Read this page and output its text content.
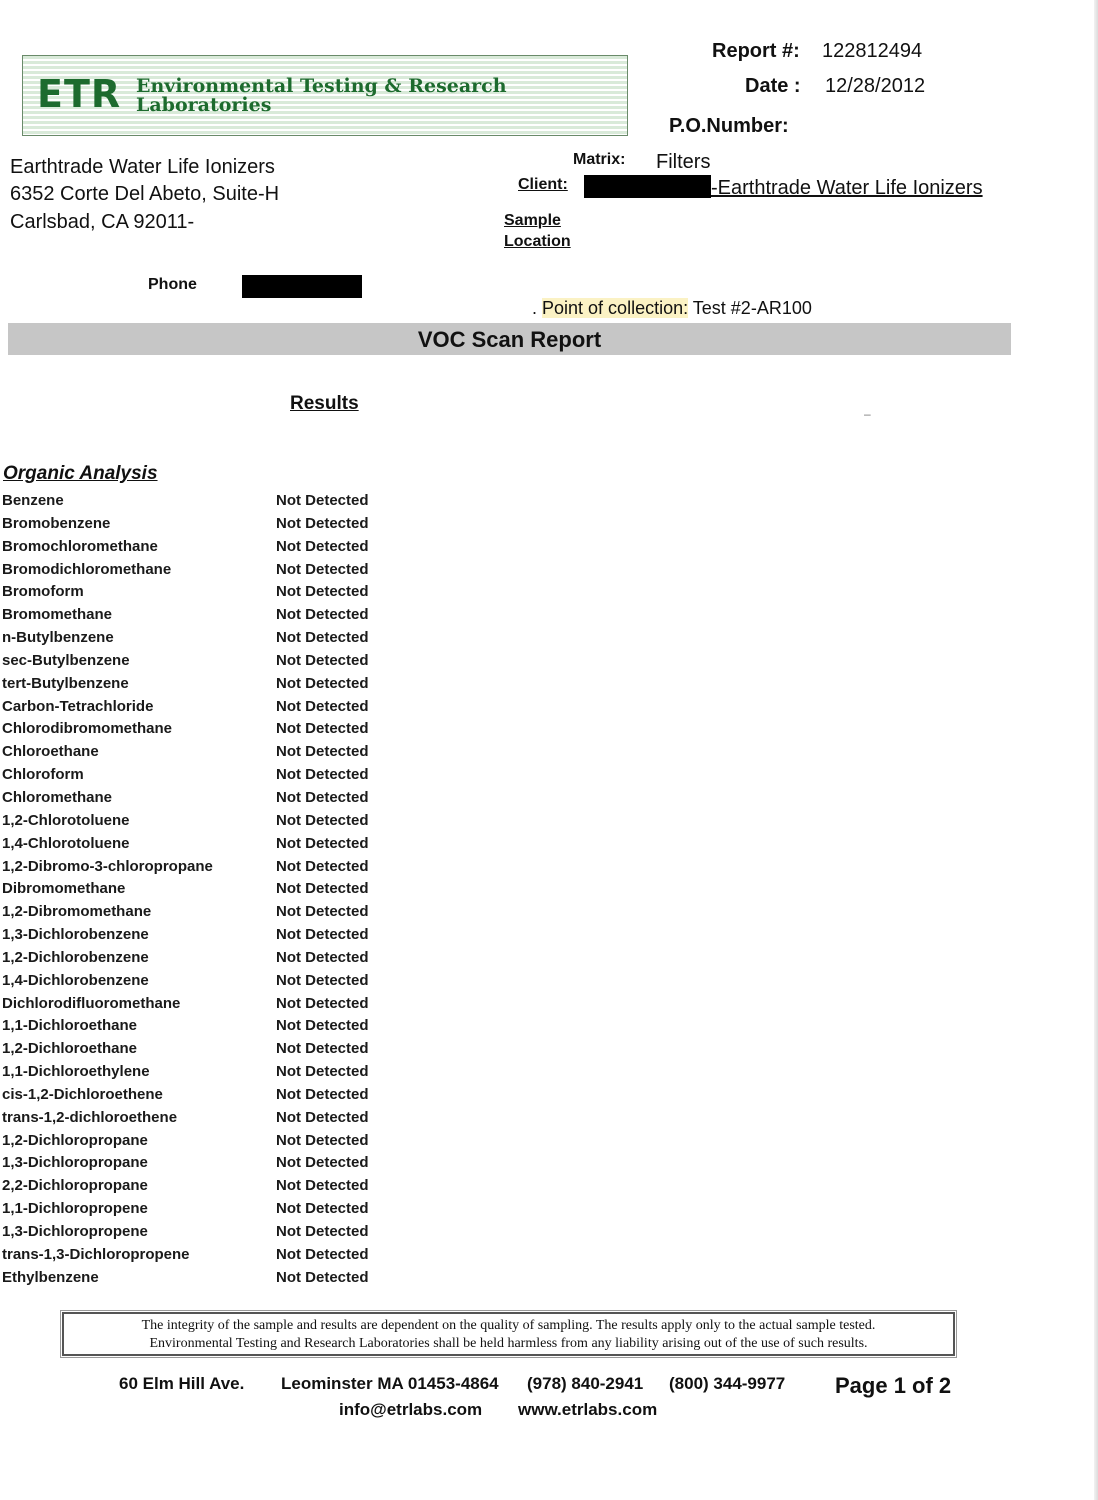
ETR Environmental Testing & Research
Laboratories
Report #: 122812494
Date : 12/28/2012
P.O.Number:
Earthtrade Water Life Ionizers
6352 Corte Del Abeto, Suite-H
Carlsbad, CA 92011-
Phone
Matrix: Filters
Client:	-Earthtrade Water Life Ionizers
Sample
Location
. Point of collection: Test #2-AR100
VOC Scan Report
Results	–
Organic Analysis
Benzene	Not Detected
Bromobenzene	Not Detected
Bromochloromethane	Not Detected
Bromodichloromethane	Not Detected
Bromoform	Not Detected
Bromomethane	Not Detected
n-Butylbenzene	Not Detected
sec-Butylbenzene	Not Detected
tert-Butylbenzene	Not Detected
Carbon-Tetrachloride	Not Detected
Chlorodibromomethane	Not Detected
Chloroethane	Not Detected
Chloroform	Not Detected
Chloromethane	Not Detected
1,2-Chlorotoluene	Not Detected
1,4-Chlorotoluene	Not Detected
1,2-Dibromo-3-chloropropane	Not Detected
Dibromomethane	Not Detected
1,2-Dibromomethane	Not Detected
1,3-Dichlorobenzene	Not Detected
1,2-Dichlorobenzene	Not Detected
1,4-Dichlorobenzene	Not Detected
Dichlorodifluoromethane	Not Detected
1,1-Dichloroethane	Not Detected
1,2-Dichloroethane	Not Detected
1,1-Dichloroethylene	Not Detected
cis-1,2-Dichloroethene	Not Detected
trans-1,2-dichloroethene	Not Detected
1,2-Dichloropropane	Not Detected
1,3-Dichloropropane	Not Detected
2,2-Dichloropropane	Not Detected
1,1-Dichloropropene	Not Detected
1,3-Dichloropropene	Not Detected
trans-1,3-Dichloropropene	Not Detected
Ethylbenzene	Not Detected
The integrity of the sample and results are dependent on the quality of sampling. The results apply only to the actual sample tested.
Environmental Testing and Research Laboratories shall be held harmless from any liability arising out of the use of such results.
60 Elm Hill Ave. Leominster MA 01453-4864 (978) 840-2941 (800) 344-9977
info@etrlabs.com www.etrlabs.com
Page 1 of 2
